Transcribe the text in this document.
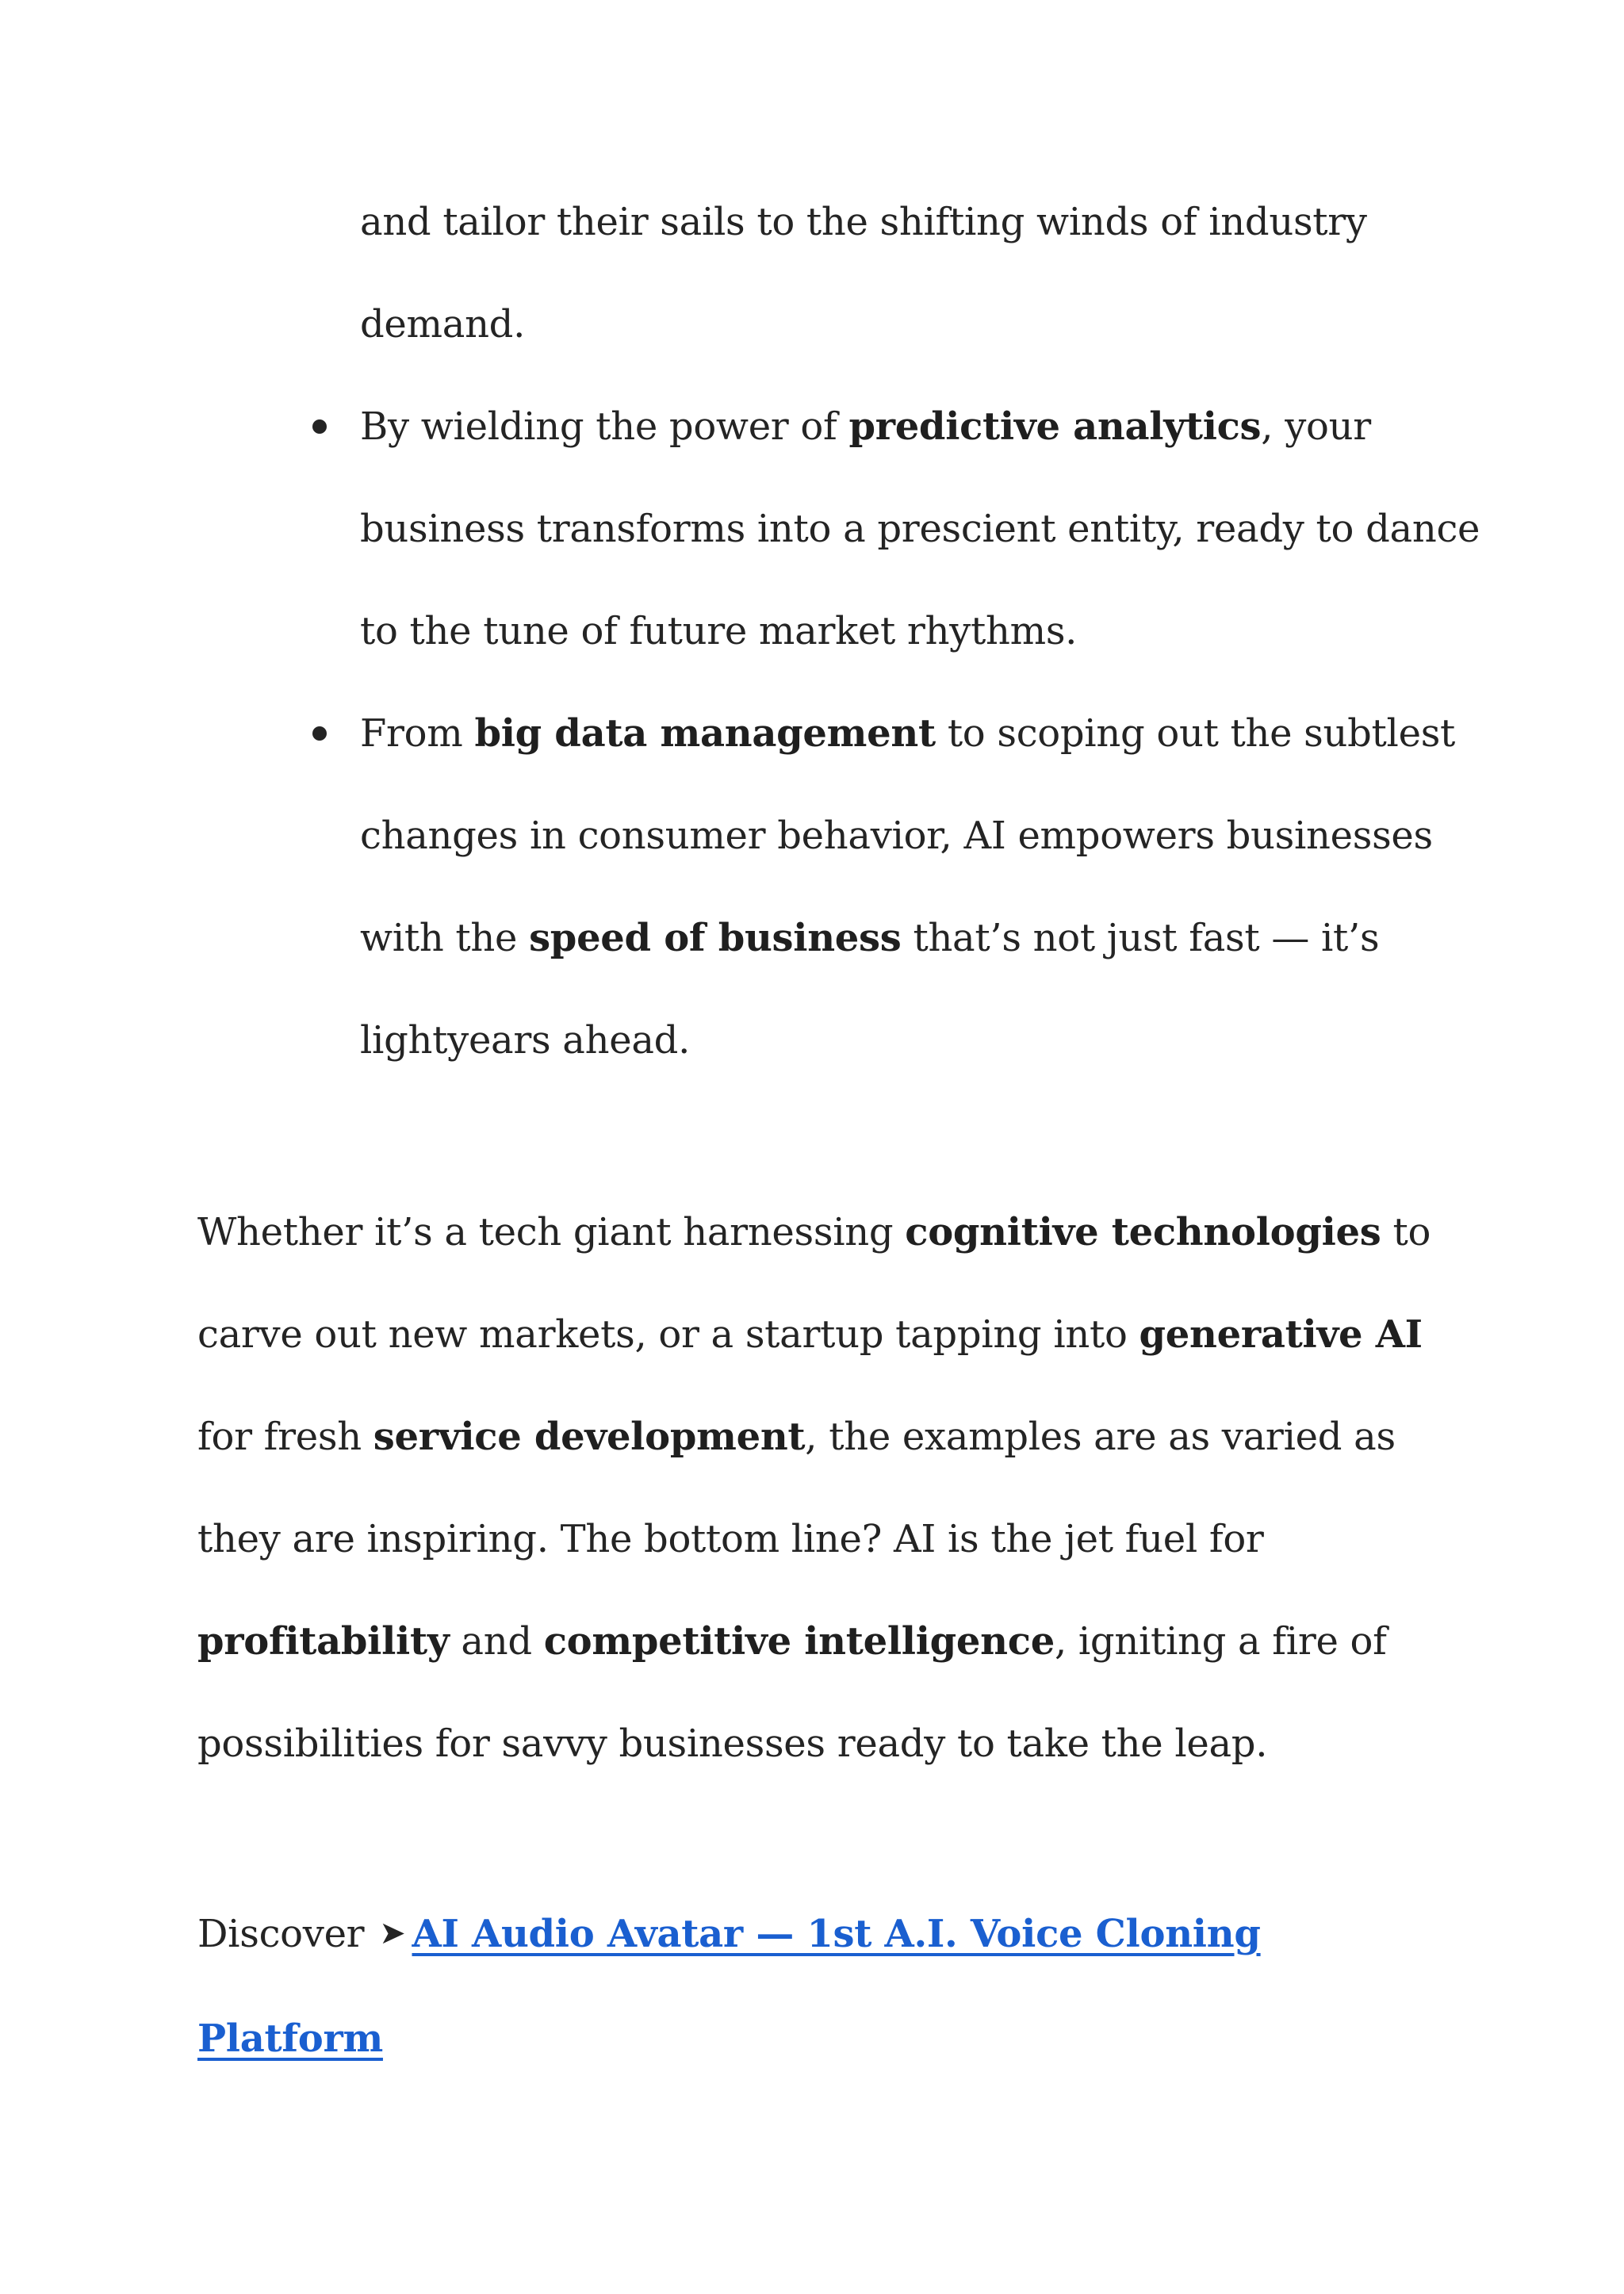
and tailor their sails to the shifting winds of industry demand.
By wielding the power of predictive analytics, your business transforms into a prescient entity, ready to dance to the tune of future market rhythms.
From big data management to scoping out the subtlest changes in consumer behavior, AI empowers businesses with the speed of business that’s not just fast — it’s lightyears ahead.

Whether it’s a tech giant harnessing cognitive technologies to carve out new markets, or a startup tapping into generative AI for fresh service development, the examples are as varied as they are inspiring. The bottom line? AI is the jet fuel for profitability and competitive intelligence, igniting a fire of possibilities for savvy businesses ready to take the leap.

Discover ➤ AI Audio Avatar — 1st A.I. Voice Cloning Platform
